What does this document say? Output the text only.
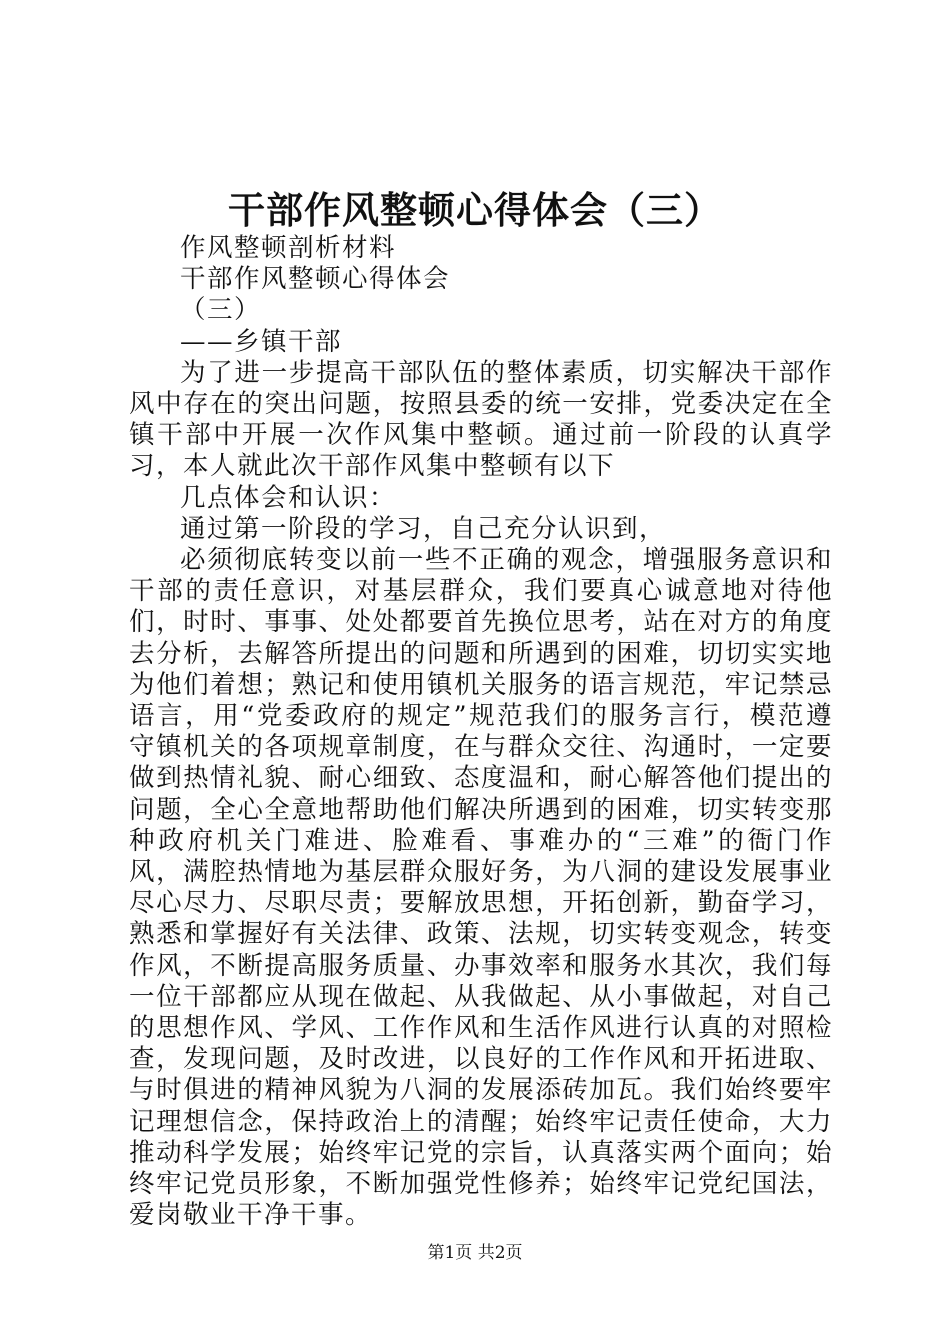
干部作风整顿心得体会（三）

作风整顿剖析材料

干部作风整顿心得体会

（三）

——乡镇干部

为了进一步提高干部队伍的整体素质，切实解决干部作风中存在的突出问题，按照县委的统一安排，党委决定在全镇干部中开展一次作风集中整顿。通过前一阶段的认真学习，本人就此次干部作风集中整顿有以下

几点体会和认识：

通过第一阶段的学习，自己充分认识到，

必须彻底转变以前一些不正确的观念，增强服务意识和干部的责任意识，对基层群众，我们要真心诚意地对待他们，时时、事事、处处都要首先换位思考，站在对方的角度去分析，去解答所提出的问题和所遇到的困难，切切实实地为他们着想；熟记和使用镇机关服务的语言规范，牢记禁忌语言，用“党委政府的规定”规范我们的服务言行，模范遵守镇机关的各项规章制度，在与群众交往、沟通时，一定要做到热情礼貌、耐心细致、态度温和，耐心解答他们提出的问题，全心全意地帮助他们解决所遇到的困难，切实转变那种政府机关门难进、脸难看、事难办的“三难”的衙门作风，满腔热情地为基层群众服好务，为八洞的建设发展事业尽心尽力、尽职尽责；要解放思想，开拓创新，勤奋学习，熟悉和掌握好有关法律、政策、法规，切实转变观念，转变作风，不断提高服务质量、办事效率和服务水其次，我们每一位干部都应从现在做起、从我做起、从小事做起，对自己的思想作风、学风、工作作风和生活作风进行认真的对照检查，发现问题，及时改进，以良好的工作作风和开拓进取、与时俱进的精神风貌为八洞的发展添砖加瓦。我们始终要牢记理想信念，保持政治上的清醒；始终牢记责任使命，大力推动科学发展；始终牢记党的宗旨，认真落实两个面向；始终牢记党员形象，不断加强党性修养；始终牢记党纪国法，爱岗敬业干净干事。

第1页 共2页
